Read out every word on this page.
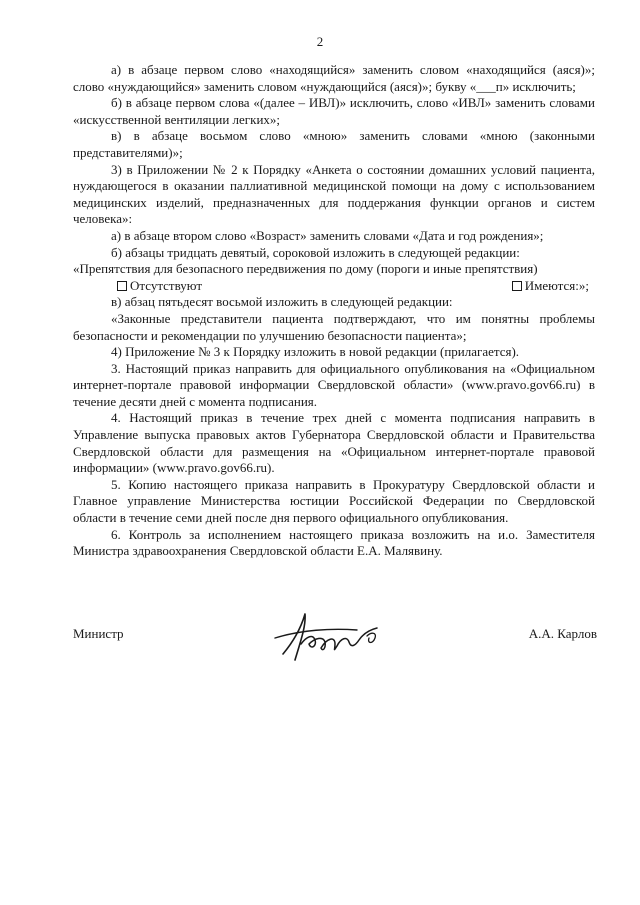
2

а) в абзаце первом слово «находящийся» заменить словом «находящийся (аяся)»; слово «нуждающийся» заменить словом «нуждающийся (аяся)»; букву «___п» исключить;

б) в абзаце первом слова «(далее – ИВЛ)» исключить, слово «ИВЛ» заменить словами «искусственной вентиляции легких»;

в) в абзаце восьмом слово «мною» заменить словами «мною (законными представителями)»;

3) в Приложении № 2 к Порядку «Анкета о состоянии домашних условий пациента, нуждающегося в оказании паллиативной медицинской помощи на дому с использованием медицинских изделий, предназначенных для поддержания функции органов и систем человека»:

а) в абзаце втором слово «Возраст» заменить словами «Дата и год рождения»;

б) абзацы тридцать девятый, сороковой изложить в следующей редакции:

«Препятствия для безопасного передвижения по дому (пороги и иные препятствия)

Отсутствуют	Имеются:»;

в) абзац пятьдесят восьмой изложить в следующей редакции:

«Законные представители пациента подтверждают, что им понятны проблемы безопасности и рекомендации по улучшению безопасности пациента»;

4) Приложение № 3 к Порядку изложить в новой редакции (прилагается).

3. Настоящий приказ направить для официального опубликования на «Официальном интернет-портале правовой информации Свердловской области» (www.pravo.gov66.ru) в течение десяти дней с момента подписания.

4. Настоящий приказ в течение трех дней с момента подписания направить в Управление выпуска правовых актов Губернатора Свердловской области и Правительства Свердловской области для размещения на «Официальном интернет-портале правовой информации» (www.pravo.gov66.ru).

5. Копию настоящего приказа направить в Прокуратуру Свердловской области и Главное управление Министерства юстиции Российской Федерации по Свердловской области в течение семи дней после дня первого официального опубликования.

6. Контроль за исполнением настоящего приказа возложить на и.о. Заместителя Министра здравоохранения Свердловской области Е.А. Малявину.

Министр	А.А. Карлов
